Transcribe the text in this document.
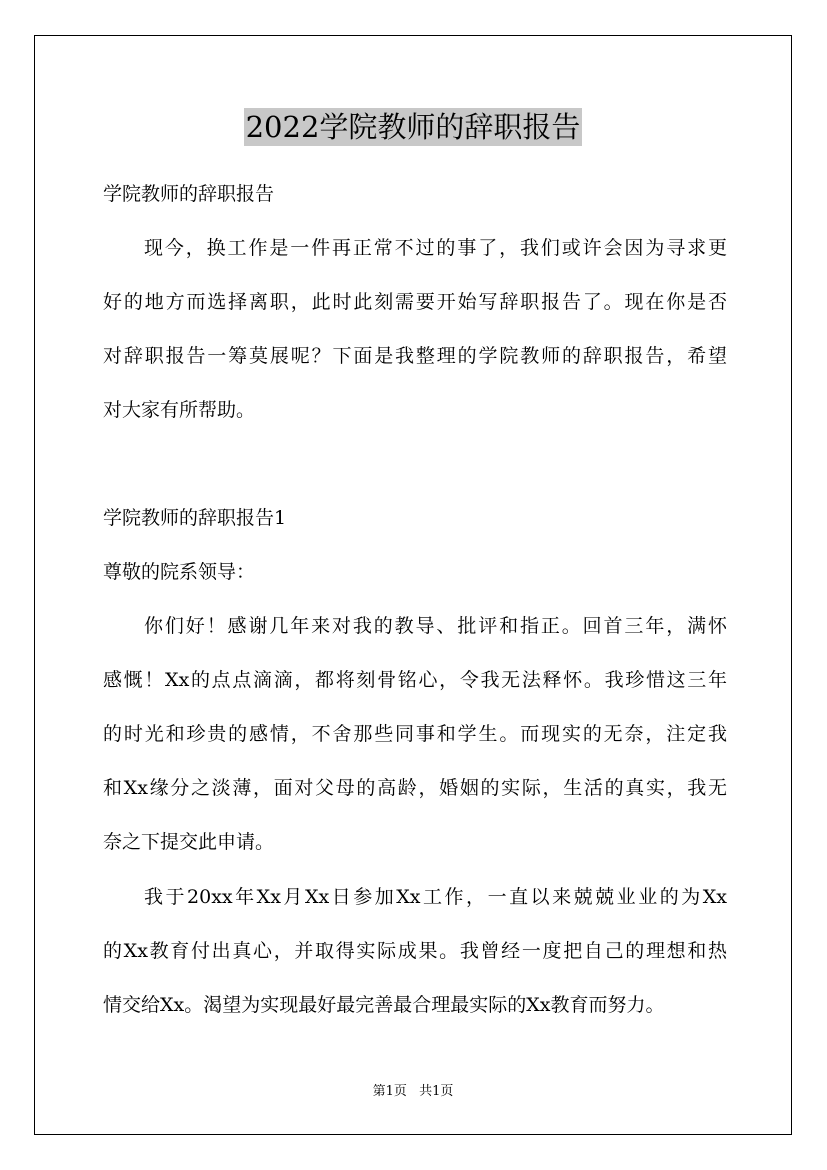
2022学院教师的辞职报告
学院教师的辞职报告
现今，换工作是一件再正常不过的事了，我们或许会因为寻求更
好的地方而选择离职，此时此刻需要开始写辞职报告了。现在你是否
对辞职报告一筹莫展呢？下面是我整理的学院教师的辞职报告，希望
对大家有所帮助。
学院教师的辞职报告1
尊敬的院系领导：
你们好！感谢几年来对我的教导、批评和指正。回首三年，满怀
感慨！Xx的点点滴滴，都将刻骨铭心，令我无法释怀。我珍惜这三年
的时光和珍贵的感情，不舍那些同事和学生。而现实的无奈，注定我
和Xx缘分之淡薄，面对父母的高龄，婚姻的实际，生活的真实，我无
奈之下提交此申请。
我于20xx年Xx月Xx日参加Xx工作，一直以来兢兢业业的为Xx
的Xx教育付出真心，并取得实际成果。我曾经一度把自己的理想和热
情交给Xx。渴望为实现最好最完善最合理最实际的Xx教育而努力。
第1页 共1页
